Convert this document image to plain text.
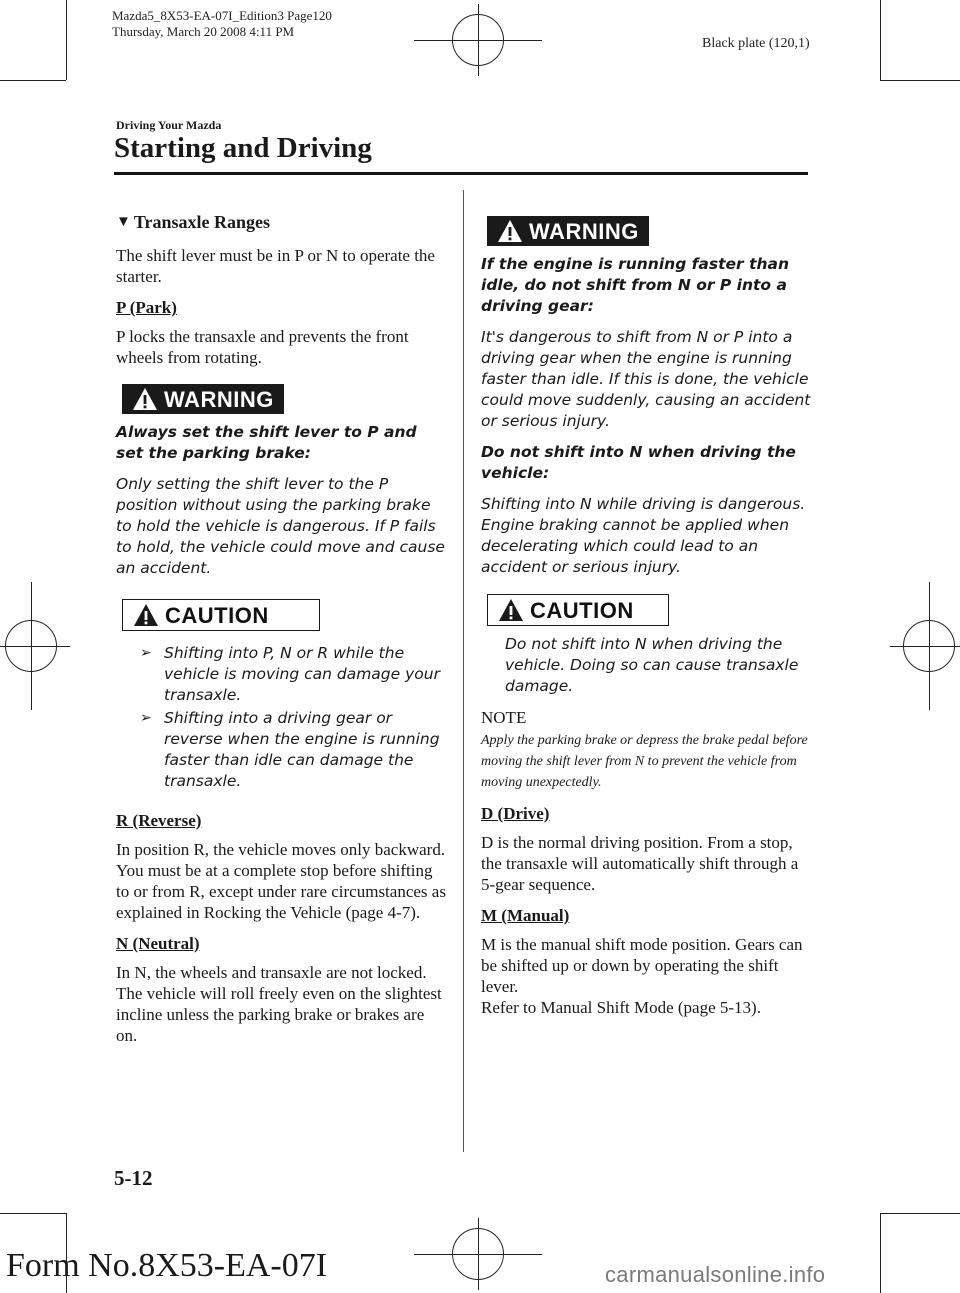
Mazda5_8X53-EA-07I_Edition3 Page120
Thursday, March 20 2008 4:11 PM
Black plate (120,1)
Driving Your Mazda
Starting and Driving
▼ Transaxle Ranges

The shift lever must be in P or N to operate the starter.

P (Park)

P locks the transaxle and prevents the front wheels from rotating.

WARNING

Always set the shift lever to P and set the parking brake:

Only setting the shift lever to the P position without using the parking brake to hold the vehicle is dangerous. If P fails to hold, the vehicle could move and cause an accident.

CAUTION
➢ Shifting into P, N or R while the vehicle is moving can damage your transaxle.
➢ Shifting into a driving gear or reverse when the engine is running faster than idle can damage the transaxle.
R (Reverse)

In position R, the vehicle moves only backward. You must be at a complete stop before shifting to or from R, except under rare circumstances as explained in Rocking the Vehicle (page 4-7).

N (Neutral)

In N, the wheels and transaxle are not locked. The vehicle will roll freely even on the slightest incline unless the parking brake or brakes are on.

WARNING

If the engine is running faster than idle, do not shift from N or P into a driving gear:

It's dangerous to shift from N or P into a driving gear when the engine is running faster than idle. If this is done, the vehicle could move suddenly, causing an accident or serious injury.

Do not shift into N when driving the vehicle:

Shifting into N while driving is dangerous. Engine braking cannot be applied when decelerating which could lead to an accident or serious injury.

CAUTION

Do not shift into N when driving the vehicle. Doing so can cause transaxle damage.

NOTE

Apply the parking brake or depress the brake pedal before moving the shift lever from N to prevent the vehicle from moving unexpectedly.

D (Drive)

D is the normal driving position. From a stop, the transaxle will automatically shift through a 5-gear sequence.

M (Manual)

M is the manual shift mode position. Gears can be shifted up or down by operating the shift lever.

Refer to Manual Shift Mode (page 5-13).

5-12
Form No.8X53-EA-07I	carmanualsonline.info
